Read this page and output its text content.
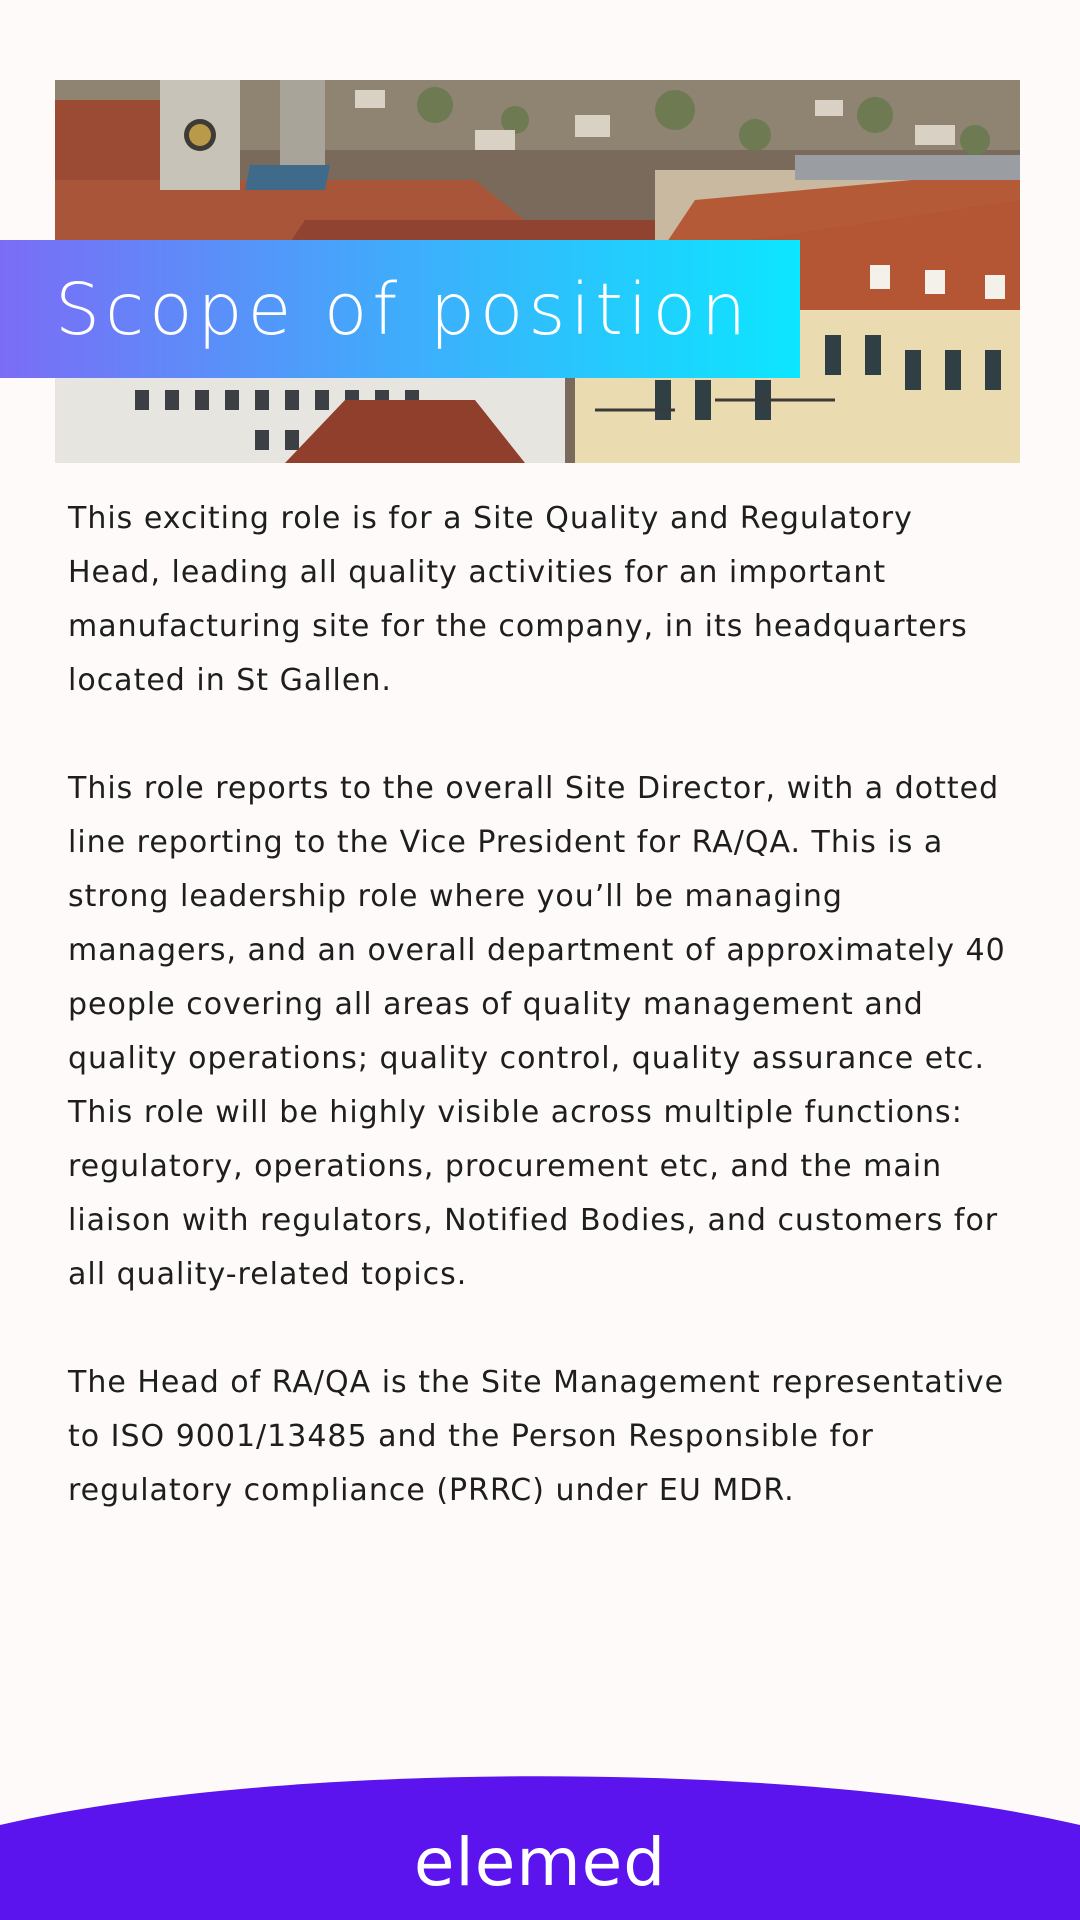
Scope of position

This exciting role is for a Site Quality and Regulatory Head, leading all quality activities for an important manufacturing site for the company, in its headquarters located in St Gallen.

This role reports to the overall Site Director, with a dotted line reporting to the Vice President for RA/QA. This is a strong leadership role where you’ll be managing managers, and an overall department of approximately 40 people covering all areas of quality management and quality operations; quality control, quality assurance etc. This role will be highly visible across multiple functions: regulatory, operations, procurement etc, and the main liaison with regulators, Notified Bodies, and customers for all quality-related topics.

The Head of RA/QA is the Site Management representative to ISO 9001/13485 and the Person Responsible for regulatory compliance (PRRC) under EU MDR.

elemed
